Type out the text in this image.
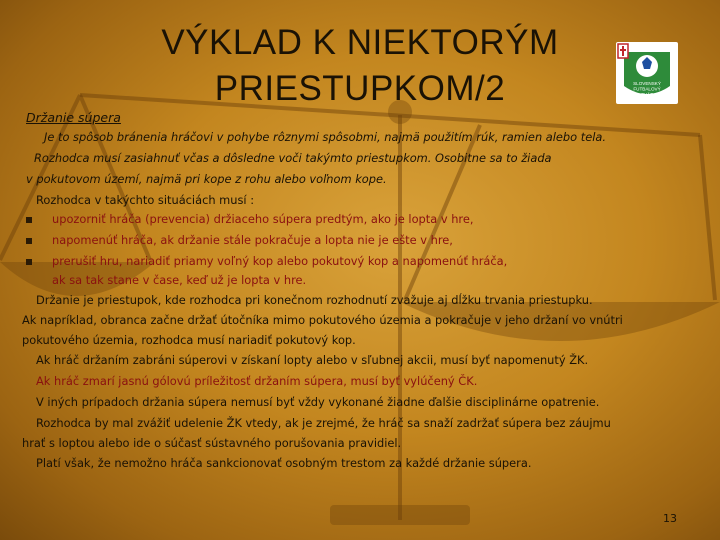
VÝKLAD K NIEKTORÝM PRIESTUPKOM/2	SLOVENSKÝ
FUTBALOVÝ
ZVÄZ
Držanie súpera
Je to spôsob bránenia hráčovi v pohybe rôznymi spôsobmi, najmä použitím rúk, ramien alebo tela.
Rozhodca musí zasiahnuť včas a dôsledne voči takýmto priestupkom. Osobitne sa to žiada
v pokutovom území, najmä pri kope z rohu alebo voľnom kope.
Rozhodca v takýchto situáciách musí :
upozorniť hráča (prevencia) držiaceho súpera predtým, ako je lopta v hre,
napomenúť hráča, ak držanie stále pokračuje a lopta nie je ešte v hre,
prerušiť hru, nariadiť priamy voľný kop alebo pokutový kop a napomenúť hráča,
ak sa tak stane v čase, keď už je lopta v hre.
Držanie je priestupok, kde rozhodca pri konečnom rozhodnutí zvažuje aj dĺžku trvania priestupku.
Ak napríklad, obranca začne držať útočníka mimo pokutového územia a pokračuje v jeho držaní vo vnútri
pokutového územia, rozhodca musí nariadiť pokutový kop.
Ak hráč držaním zabráni súperovi v získaní lopty alebo v sľubnej akcii, musí byť napomenutý ŽK.
Ak hráč zmarí jasnú gólovú príležitosť držaním súpera, musí byť vylúčený ČK.
V iných prípadoch držania súpera nemusí byť vždy vykonané žiadne ďalšie disciplinárne opatrenie.
Rozhodca by mal zvážiť udelenie ŽK vtedy, ak je zrejmé, že hráč sa snaží zadržať súpera bez záujmu
hrať s loptou alebo ide o súčasť sústavného porušovania pravidiel.
Platí však, že nemožno hráča sankcionovať osobným trestom za každé držanie súpera.
13
